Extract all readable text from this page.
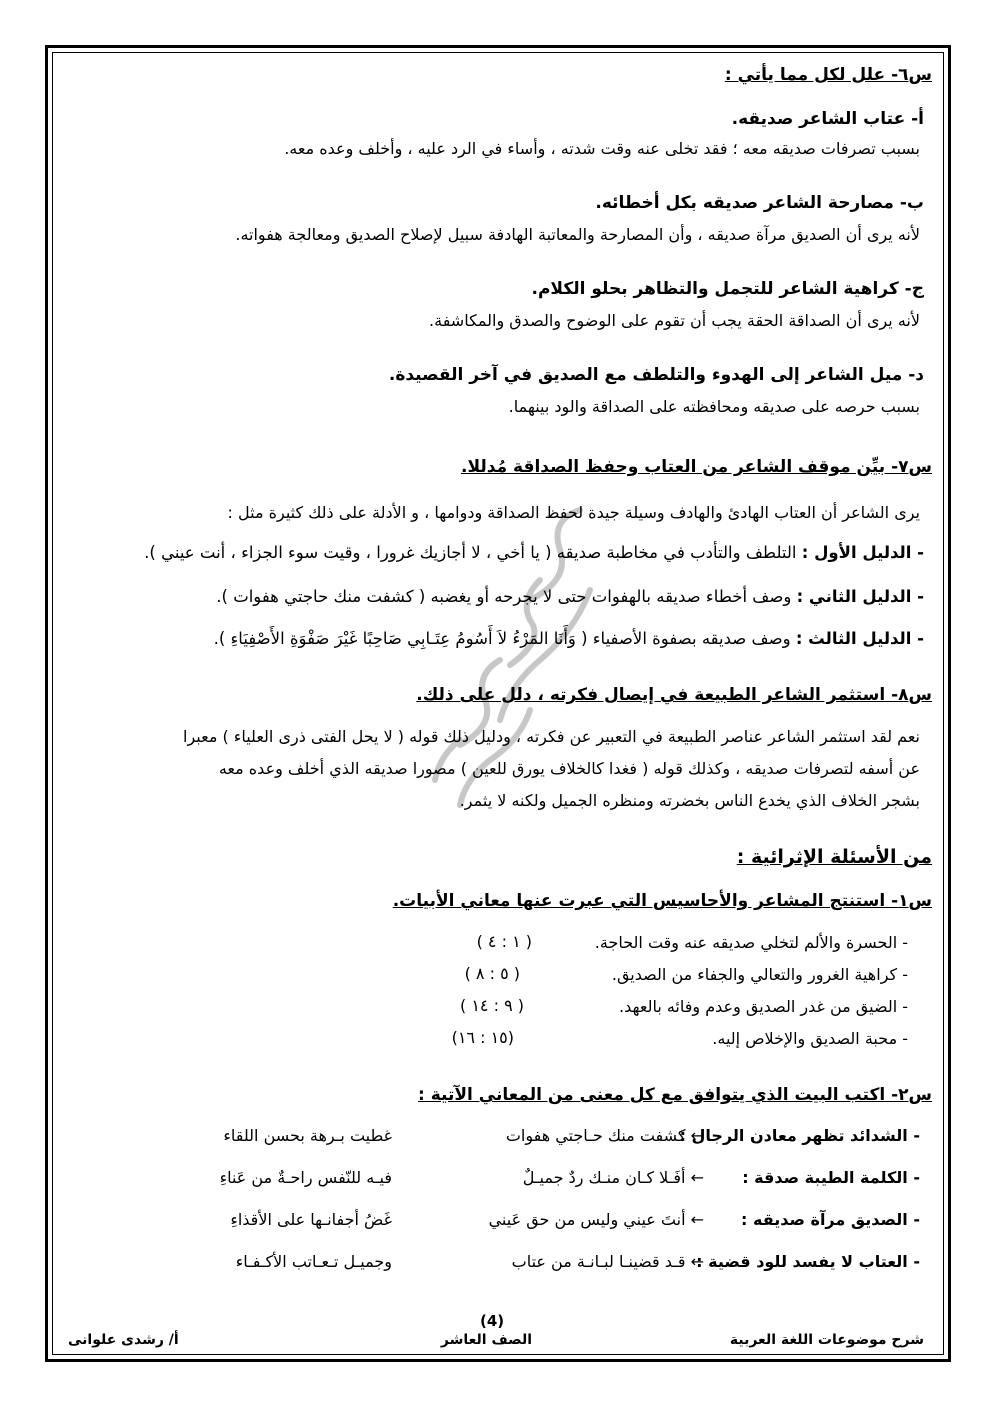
س٦- علل لكل مما يأتي :
أ- عتاب الشاعر صديقه.
بسبب تصرفات صديقه معه ؛ فقد تخلى عنه وقت شدته ، وأساء في الرد عليه ، وأخلف وعده معه.
ب- مصارحة الشاعر صديقه بكل أخطائه.
لأنه يرى أن الصديق مرآة صديقه ، وأن المصارحة والمعاتبة الهادفة سبيل لإصلاح الصديق ومعالجة هفواته.
ج- كراهية الشاعر للتجمل والتظاهر بحلو الكلام.
لأنه يرى أن الصداقة الحقة يجب أن تقوم على الوضوح والصدق والمكاشفة.
د- ميل الشاعر إلى الهدوء والتلطف مع الصديق في آخر القصيدة.
بسبب حرصه على صديقه ومحافظته على الصداقة والود بينهما.
س٧- بيِّن موقف الشاعر من العتاب وحفظ الصداقة مُدللا.
يرى الشاعر أن العتاب الهادئ والهادف وسيلة جيدة لحفظ الصداقة ودوامها ، و الأدلة على ذلك كثيرة مثل :
- الدليل الأول : التلطف والتأدب في مخاطبة صديقه ( يا أخي ، لا أجازيك غرورا ، وقيت سوء الجزاء ، أنت عيني ).
- الدليل الثاني : وصف أخطاء صديقه بالهفوات حتى لا يجرحه أو يغضبه ( كشفت منك حاجتي هفوات ).
- الدليل الثالث : وصف صديقه بصفوة الأصفياء ( وَأَنَا المَرْءُ لاَ أَسُومُ عِتَـابِي صَاحِبًا غَيْرَ صَفْوَةِ الأَصْفِيَاءِ ).
س٨- استثمر الشاعر الطبيعة في إيصال فكرته ، دلل على ذلك.
نعم لقد استثمر الشاعر عناصر الطبيعة في التعبير عن فكرته ، ودليل ذلك قوله ( لا يحل الفتى ذرى العلياء ) معبرا
عن أسفه لتصرفات صديقه ، وكذلك قوله ( فغدا كالخلاف يورق للعين ) مصورا صديقه الذي أخلف وعده معه
بشجر الخلاف الذي يخدع الناس بخضرته ومنظره الجميل ولكنه لا يثمر.
من الأسئلة الإثرائية :
س١- استنتج المشاعر والأحاسيس التي عبرت عنها معاني الأبيات.
- الحسرة والألم لتخلي صديقه عنه وقت الحاجة.
( ١ : ٤ )
- كراهية الغرور والتعالي والجفاء من الصديق.
( ٥ : ٨ )
- الضيق من غدر الصديق وعدم وفائه بالعهد.
( ٩ : ١٤ )
- محبة الصديق والإخلاص إليه.
(١٥ : ١٦)
س٢- اكتب البيت الذي يتوافق مع كل معنى من المعاني الآتية :
- الشدائد تظهر معادن الرجال :
← كشفت منك حـاجتي هفوات
غطيت بـرهة بحسن اللقاء
- الكلمة الطيبة صدقة :
← أفَـلا كـان منـك ردٌ جميـلٌ
فيـه للنّفس راحـةٌ من عَناءِ
- الصديق مرآة صديقه :
← أنتَ عيني وليس من حق عَيني
غَضُ أجفانـها على الأقذاءِ
- العتاب لا يفسد للود قضية :
← قـد قضينـا لبـانـة من عتاب
وجميـل تـعـاتب الأكـفـاء
(4)
شرح موضوعات اللغة العربية
الصف العاشر
أ/ رشدى علوانى
